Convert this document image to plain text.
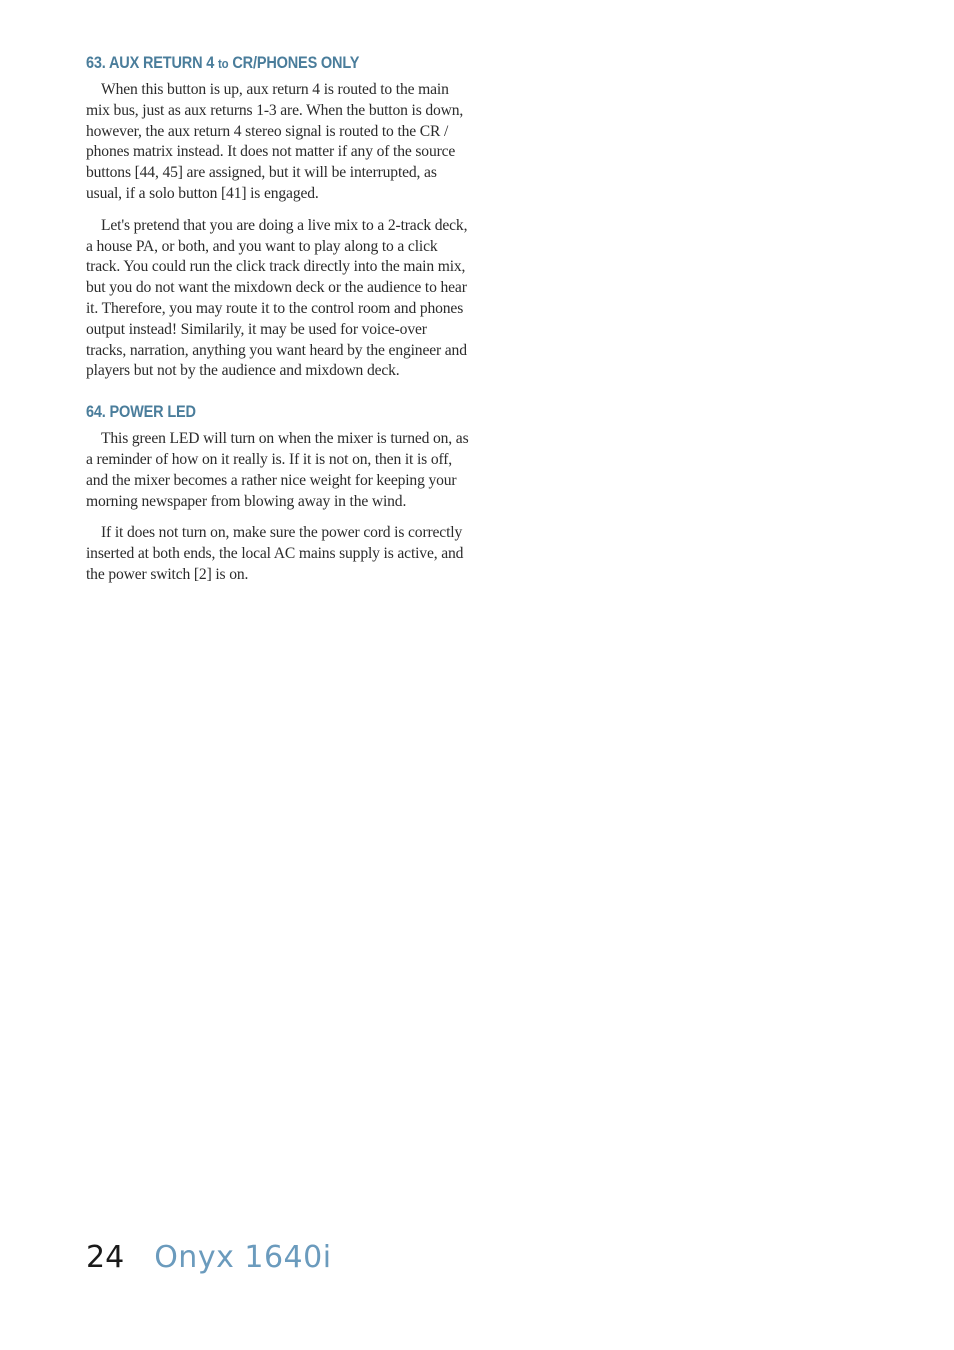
63. AUX RETURN 4 to CR/PHONES ONLY

When this button is up, aux return 4 is routed to the main mix bus, just as aux returns 1-3 are. When the button is down, however, the aux return 4 stereo signal is routed to the CR / phones matrix instead. It does not matter if any of the source buttons [44, 45] are assigned, but it will be interrupted, as usual, if a solo button [41] is engaged.

Let's pretend that you are doing a live mix to a 2-track deck, a house PA, or both, and you want to play along to a click track. You could run the click track directly into the main mix, but you do not want the mixdown deck or the audience to hear it. Therefore, you may route it to the control room and phones output instead! Similarily, it may be used for voice-over tracks, narration, anything you want heard by the engineer and players but not by the audience and mixdown deck.

64. POWER LED

This green LED will turn on when the mixer is turned on, as a reminder of how on it really is. If it is not on, then it is off, and the mixer becomes a rather nice weight for keeping your morning newspaper from blowing away in the wind.

If it does not turn on, make sure the power cord is correctly inserted at both ends, the local AC mains supply is active, and the power switch [2] is on.

24 Onyx 1640i
